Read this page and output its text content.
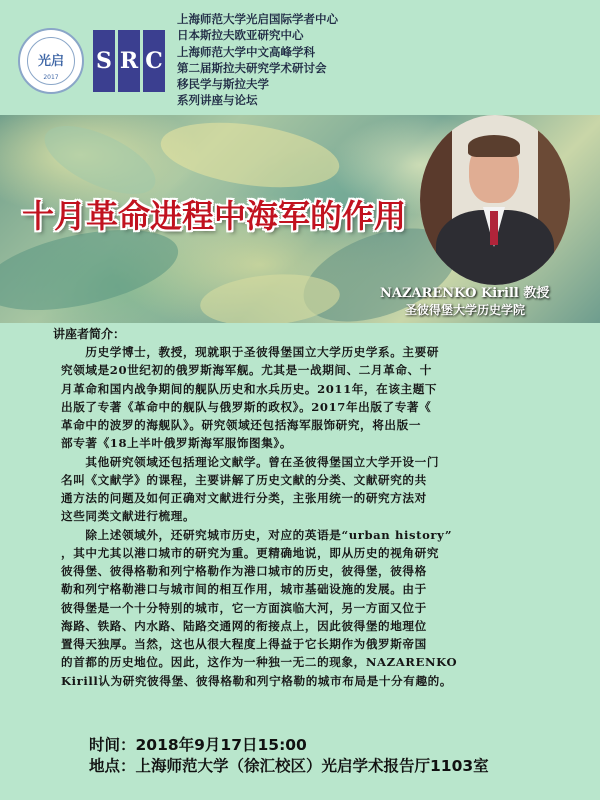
光启
2017
S R C
上海师范大学光启国际学者中心
日本斯拉夫欧亚研究中心
上海师范大学中文高峰学科
第二届斯拉夫研究学术研讨会
移民学与斯拉夫学
系列讲座与论坛
十月革命进程中海军的作用
NAZARENKO Kirill 教授
圣彼得堡大学历史学院
讲座者简介：
　　历史学博士，教授，现就职于圣彼得堡国立大学历史学系。主要研
究领域是20世纪初的俄罗斯海军舰。尤其是一战期间、二月革命、十
月革命和国内战争期间的舰队历史和水兵历史。2011年，在该主题下
出版了专著《革命中的舰队与俄罗斯的政权》。2017年出版了专著《
革命中的波罗的海舰队》。研究领域还包括海军服饰研究，将出版一
部专著《18上半叶俄罗斯海军服饰图集》。
　　其他研究领域还包括理论文献学。曾在圣彼得堡国立大学开设一门
名叫《文献学》的课程，主要讲解了历史文献的分类、文献研究的共
通方法的问题及如何正确对文献进行分类，主张用统一的研究方法对
这些同类文献进行梳理。
　　除上述领域外，还研究城市历史，对应的英语是“urban history”
，其中尤其以港口城市的研究为重。更精确地说，即从历史的视角研究
彼得堡、彼得格勒和列宁格勒作为港口城市的历史，彼得堡，彼得格
勒和列宁格勒港口与城市间的相互作用，城市基础设施的发展。由于
彼得堡是一个十分特别的城市，它一方面滨临大河，另一方面又位于
海路、铁路、内水路、陆路交通网的衔接点上，因此彼得堡的地理位
置得天独厚。当然，这也从很大程度上得益于它长期作为俄罗斯帝国
的首都的历史地位。因此，这作为一种独一无二的现象，NAZARENKO
Kirill认为研究彼得堡、彼得格勒和列宁格勒的城市布局是十分有趣的。
时间：2018年9月17日15:00
地点：上海师范大学（徐汇校区）光启学术报告厅1103室
